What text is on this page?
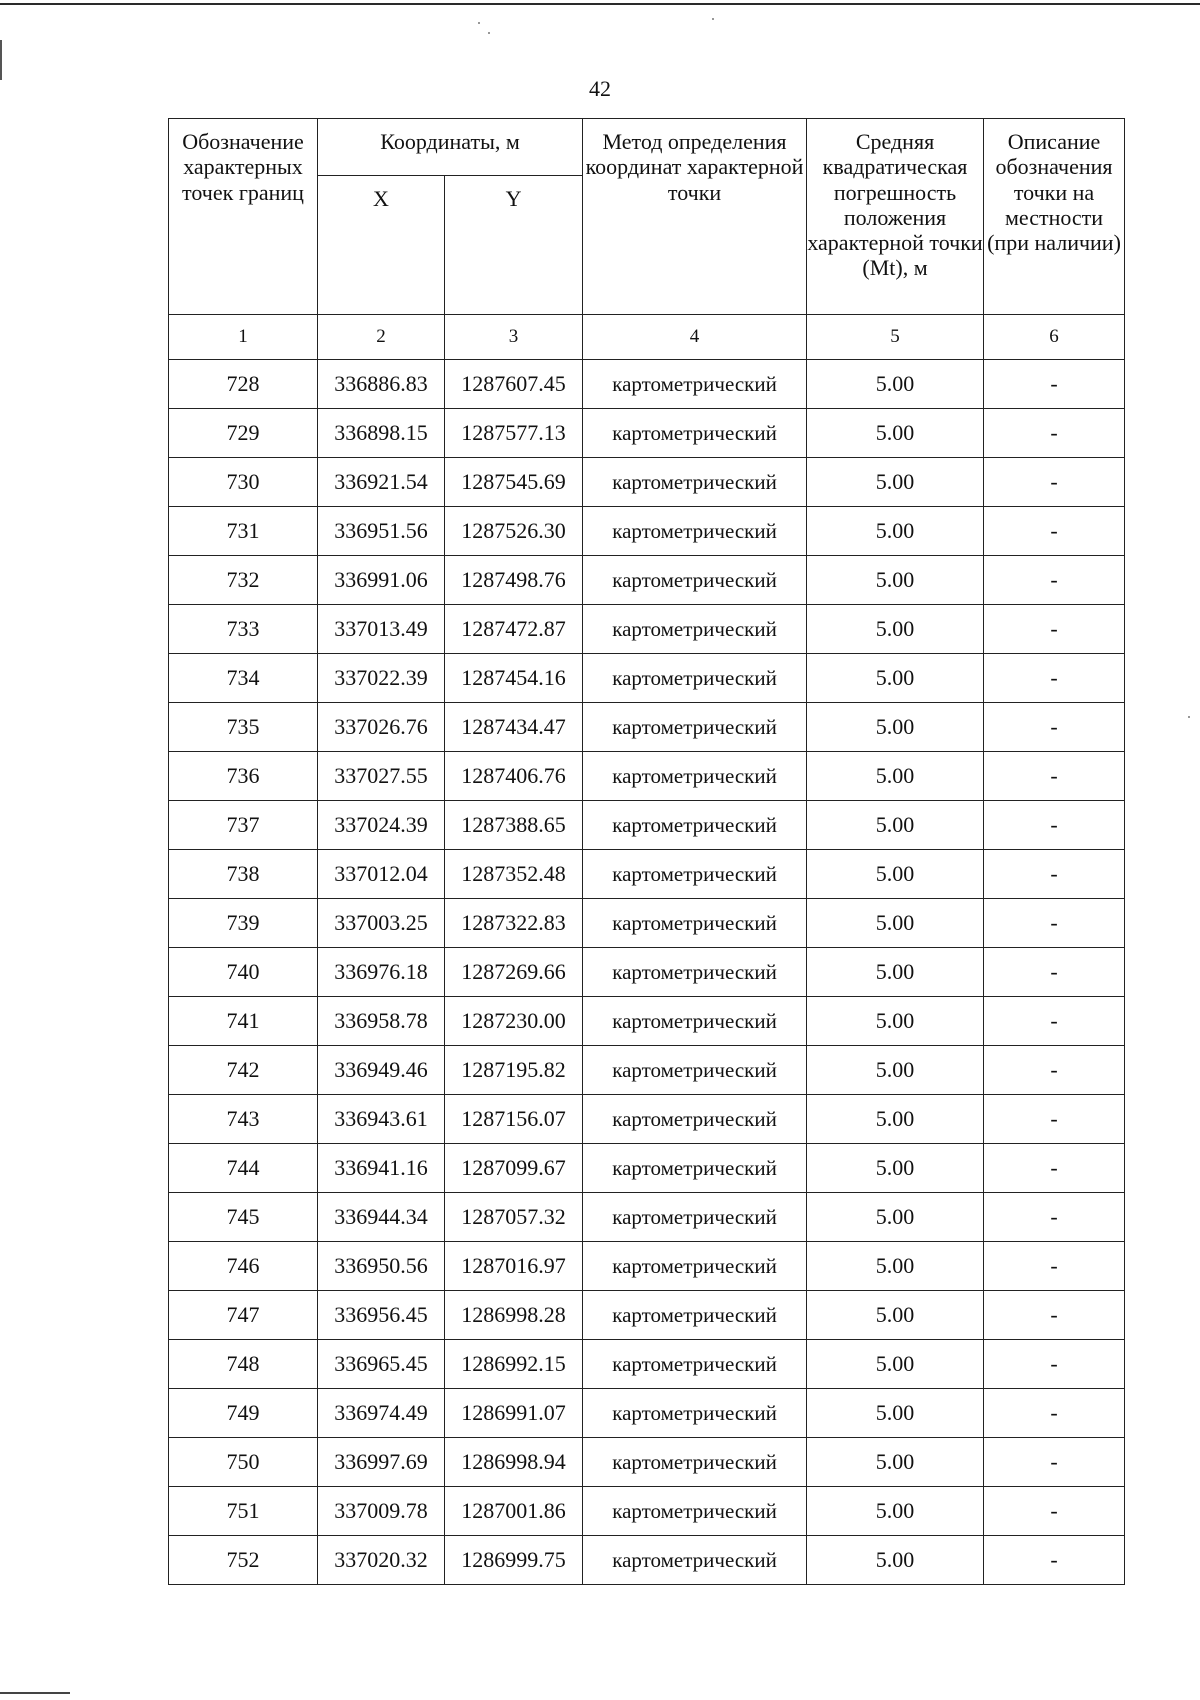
42
Обозначение характерных точек границ	Координаты, м		Метод определения координат характерной точки	Средняя квадратическая погрешность положения характерной точки (Mt), м	Описание обозначения точки на местности (при наличии)
	X	Y			
1	2	3	4	5	6
728	336886.83	1287607.45	картометрический	5.00	-
729	336898.15	1287577.13	картометрический	5.00	-
730	336921.54	1287545.69	картометрический	5.00	-
731	336951.56	1287526.30	картометрический	5.00	-
732	336991.06	1287498.76	картометрический	5.00	-
733	337013.49	1287472.87	картометрический	5.00	-
734	337022.39	1287454.16	картометрический	5.00	-
735	337026.76	1287434.47	картометрический	5.00	-
736	337027.55	1287406.76	картометрический	5.00	-
737	337024.39	1287388.65	картометрический	5.00	-
738	337012.04	1287352.48	картометрический	5.00	-
739	337003.25	1287322.83	картометрический	5.00	-
740	336976.18	1287269.66	картометрический	5.00	-
741	336958.78	1287230.00	картометрический	5.00	-
742	336949.46	1287195.82	картометрический	5.00	-
743	336943.61	1287156.07	картометрический	5.00	-
744	336941.16	1287099.67	картометрический	5.00	-
745	336944.34	1287057.32	картометрический	5.00	-
746	336950.56	1287016.97	картометрический	5.00	-
747	336956.45	1286998.28	картометрический	5.00	-
748	336965.45	1286992.15	картометрический	5.00	-
749	336974.49	1286991.07	картометрический	5.00	-
750	336997.69	1286998.94	картометрический	5.00	-
751	337009.78	1287001.86	картометрический	5.00	-
752	337020.32	1286999.75	картометрический	5.00	-
